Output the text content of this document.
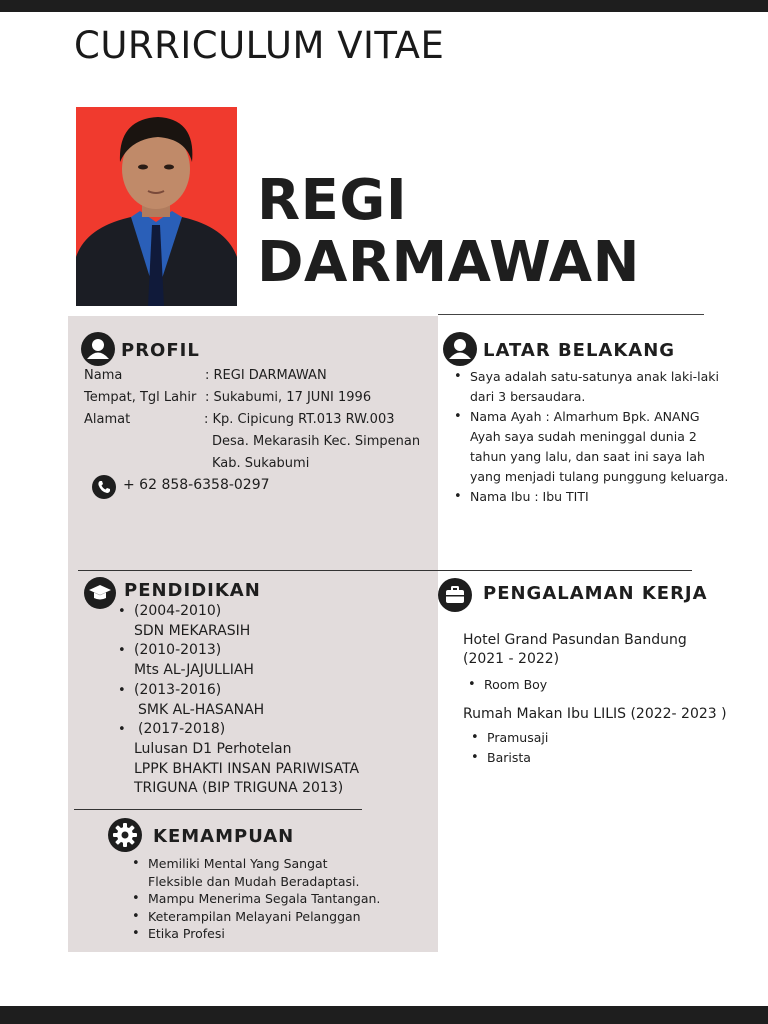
CURRICULUM VITAE
REGI
DARMAWAN
PROFIL
Nama	: REGI DARMAWAN
Tempat, Tgl Lahir : Sukabumi, 17 JUNI 1996
Alamat	: Kp. Cipicung RT.013 RW.003
Desa. Mekarasih Kec. Simpenan
Kab. Sukabumi
+ 62 858-6358-0297
LATAR BELAKANG
• Saya adalah satu-satunya anak laki-laki
dari 3 bersaudara.
• Nama Ayah : Almarhum Bpk. ANANG
Ayah saya sudah meninggal dunia 2
tahun yang lalu, dan saat ini saya lah
yang menjadi tulang punggung keluarga.
• Nama Ibu : Ibu TITI
PENDIDIKAN
• (2004-2010)
SDN MEKARASIH
• (2010-2013)
Mts AL-JAJULLIAH
• (2013-2016)
SMK AL-HASANAH
• (2017-2018)
Lulusan D1 Perhotelan
LPPK BHAKTI INSAN PARIWISATA
TRIGUNA (BIP TRIGUNA 2013)
KEMAMPUAN
• Memiliki Mental Yang Sangat
Fleksible dan Mudah Beradaptasi.
• Mampu Menerima Segala Tantangan.
• Keterampilan Melayani Pelanggan
• Etika Profesi
PENGALAMAN KERJA
Hotel Grand Pasundan Bandung
(2021 - 2022)
• Room Boy
Rumah Makan Ibu LILIS (2022- 2023 )
• Pramusaji
• Barista
